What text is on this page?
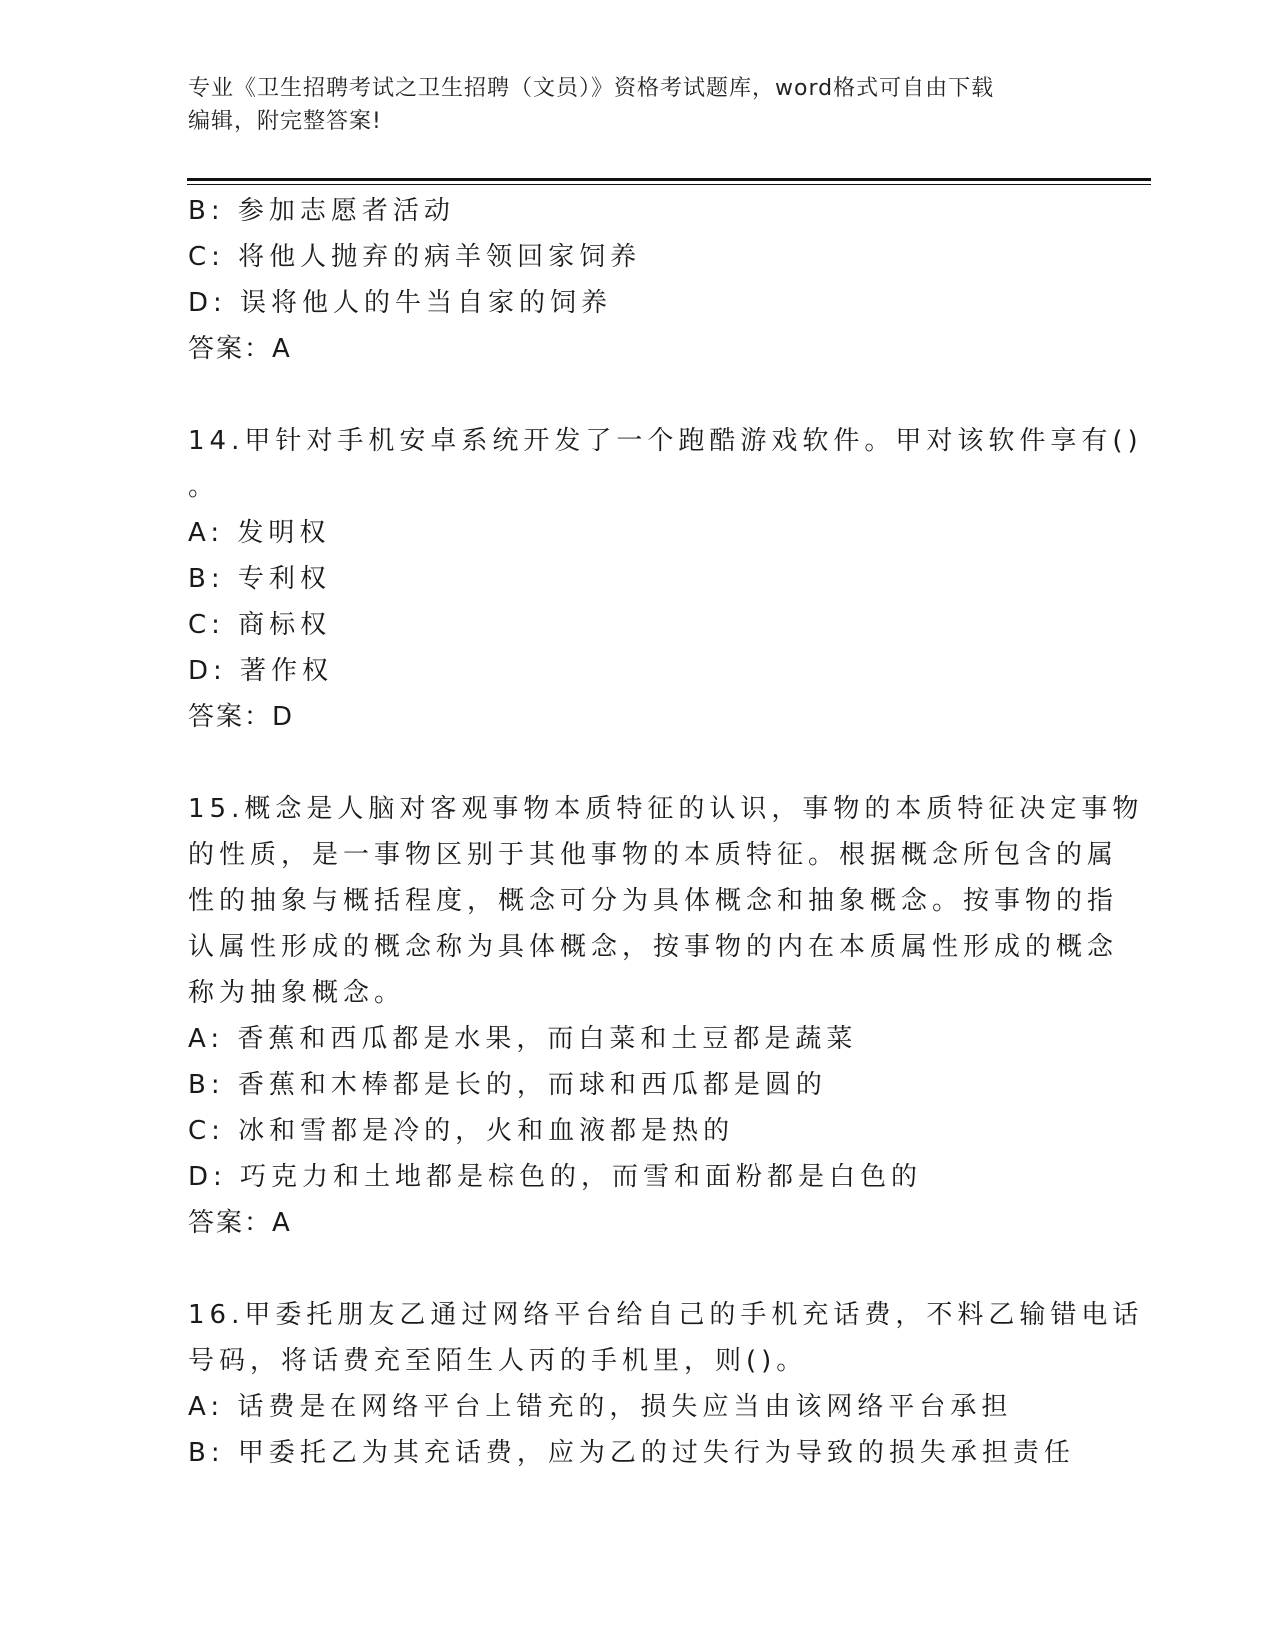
专业《卫生招聘考试之卫生招聘（文员）》资格考试题库，word格式可自由下载
编辑，附完整答案!
B: 参加志愿者活动
C: 将他人抛弃的病羊领回家饲养
D: 误将他人的牛当自家的饲养
答案：A
14.甲针对手机安卓系统开发了一个跑酷游戏软件。甲对该软件享有()
。
A: 发明权
B: 专利权
C: 商标权
D: 著作权
答案：D
15.概念是人脑对客观事物本质特征的认识，事物的本质特征决定事物
的性质，是一事物区别于其他事物的本质特征。根据概念所包含的属
性的抽象与概括程度，概念可分为具体概念和抽象概念。按事物的指
认属性形成的概念称为具体概念，按事物的内在本质属性形成的概念
称为抽象概念。
A: 香蕉和西瓜都是水果，而白菜和土豆都是蔬菜
B: 香蕉和木棒都是长的，而球和西瓜都是圆的
C: 冰和雪都是冷的，火和血液都是热的
D: 巧克力和土地都是棕色的，而雪和面粉都是白色的
答案：A
16.甲委托朋友乙通过网络平台给自己的手机充话费，不料乙输错电话
号码，将话费充至陌生人丙的手机里，则()。
A: 话费是在网络平台上错充的，损失应当由该网络平台承担
B: 甲委托乙为其充话费，应为乙的过失行为导致的损失承担责任
